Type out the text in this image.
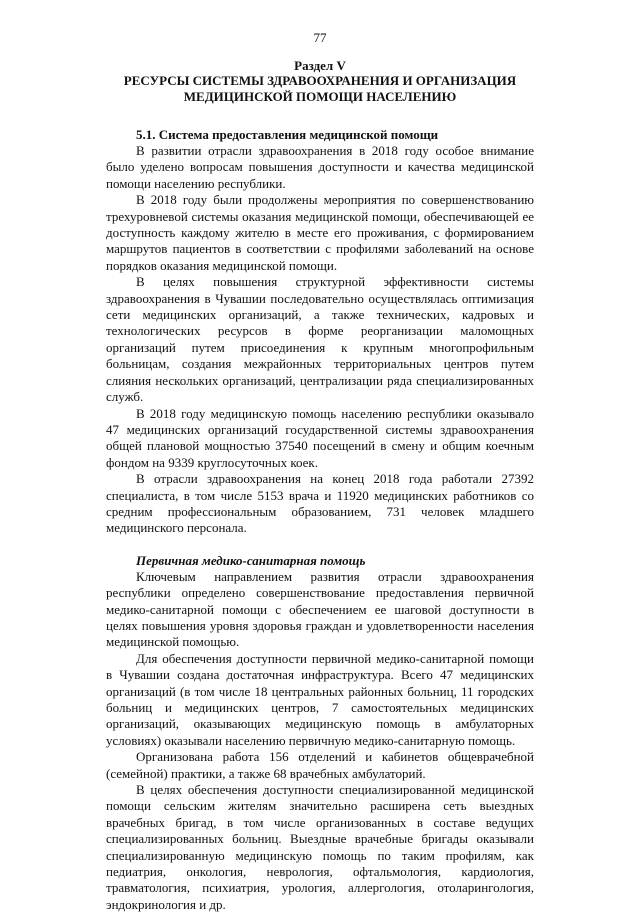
77

Раздел V

РЕСУРСЫ СИСТЕМЫ ЗДРАВООХРАНЕНИЯ И ОРГАНИЗАЦИЯ
МЕДИЦИНСКОЙ ПОМОЩИ НАСЕЛЕНИЮ

5.1. Система предоставления медицинской помощи

В развитии отрасли здравоохранения в 2018 году особое внимание было уделено вопросам повышения доступности и качества медицинской помощи населению республики.

В 2018 году были продолжены мероприятия по совершенствованию трехуровневой системы оказания медицинской помощи, обеспечивающей ее доступность каждому жителю в месте его проживания, с формированием маршрутов пациентов в соответствии с профилями заболеваний на основе порядков оказания медицинской помощи.

В целях повышения структурной эффективности системы здравоохранения в Чувашии последовательно осуществлялась оптимизация сети медицинских организаций, а также технических, кадровых и технологических ресурсов в форме реорганизации маломощных организаций путем присоединения к крупным многопрофильным больницам, создания межрайонных территориальных центров путем слияния нескольких организаций, централизации ряда специализированных служб.

В 2018 году медицинскую помощь населению республики оказывало 47 медицинских организаций государственной системы здравоохранения общей плановой мощностью 37540 посещений в смену и общим коечным фондом на 9339 круглосуточных коек.

В отрасли здравоохранения на конец 2018 года работали 27392 специалиста, в том числе 5153 врача и 11920 медицинских работников со средним профессиональным образованием, 731 человек младшего медицинского персонала.

Первичная медико-санитарная помощь

Ключевым направлением развития отрасли здравоохранения республики определено совершенствование предоставления первичной медико-санитарной помощи с обеспечением ее шаговой доступности в целях повышения уровня здоровья граждан и удовлетворенности населения медицинской помощью.

Для обеспечения доступности первичной медико-санитарной помощи в Чувашии создана достаточная инфраструктура. Всего 47 медицинских организаций (в том числе 18 центральных районных больниц, 11 городских больниц и медицинских центров, 7 самостоятельных медицинских организаций, оказывающих медицинскую помощь в амбулаторных условиях) оказывали населению первичную медико-санитарную помощь.

Организована работа 156 отделений и кабинетов общеврачебной (семейной) практики, а также 68 врачебных амбулаторий.

В целях обеспечения доступности специализированной медицинской помощи сельским жителям значительно расширена сеть выездных врачебных бригад, в том числе организованных в составе ведущих специализированных больниц. Выездные врачебные бригады оказывали специализированную медицинскую помощь по таким профилям, как педиатрия, онкология, неврология, офтальмология, кардиология, травматология, психиатрия, урология, аллергология, отоларингология, эндокринология и др.
